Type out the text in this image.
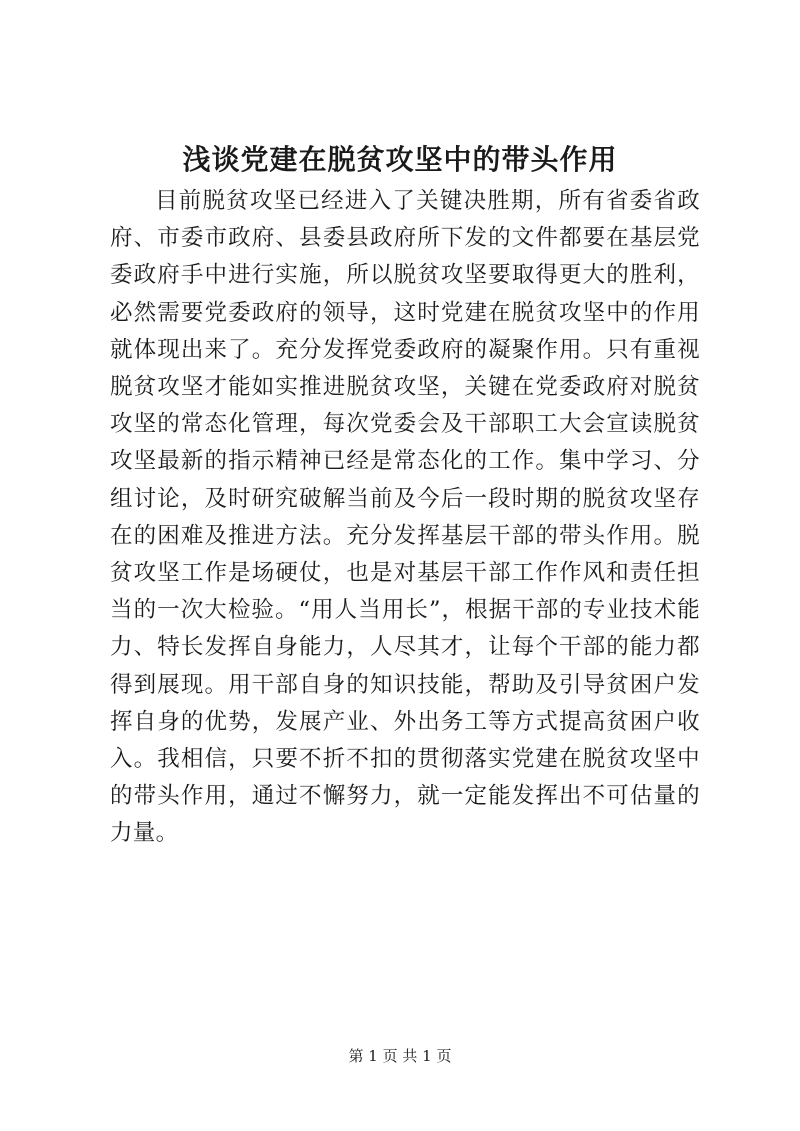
浅谈党建在脱贫攻坚中的带头作用

目前脱贫攻坚已经进入了关键决胜期，所有省委省政府、市委市政府、县委县政府所下发的文件都要在基层党委政府手中进行实施，所以脱贫攻坚要取得更大的胜利，必然需要党委政府的领导，这时党建在脱贫攻坚中的作用就体现出来了。充分发挥党委政府的凝聚作用。只有重视脱贫攻坚才能如实推进脱贫攻坚，关键在党委政府对脱贫攻坚的常态化管理，每次党委会及干部职工大会宣读脱贫攻坚最新的指示精神已经是常态化的工作。集中学习、分组讨论，及时研究破解当前及今后一段时期的脱贫攻坚存在的困难及推进方法。充分发挥基层干部的带头作用。脱贫攻坚工作是场硬仗，也是对基层干部工作作风和责任担当的一次大检验。“用人当用长”，根据干部的专业技术能力、特长发挥自身能力，人尽其才，让每个干部的能力都得到展现。用干部自身的知识技能，帮助及引导贫困户发挥自身的优势，发展产业、外出务工等方式提高贫困户收入。我相信，只要不折不扣的贯彻落实党建在脱贫攻坚中的带头作用，通过不懈努力，就一定能发挥出不可估量的力量。

第 1 页 共 1 页
